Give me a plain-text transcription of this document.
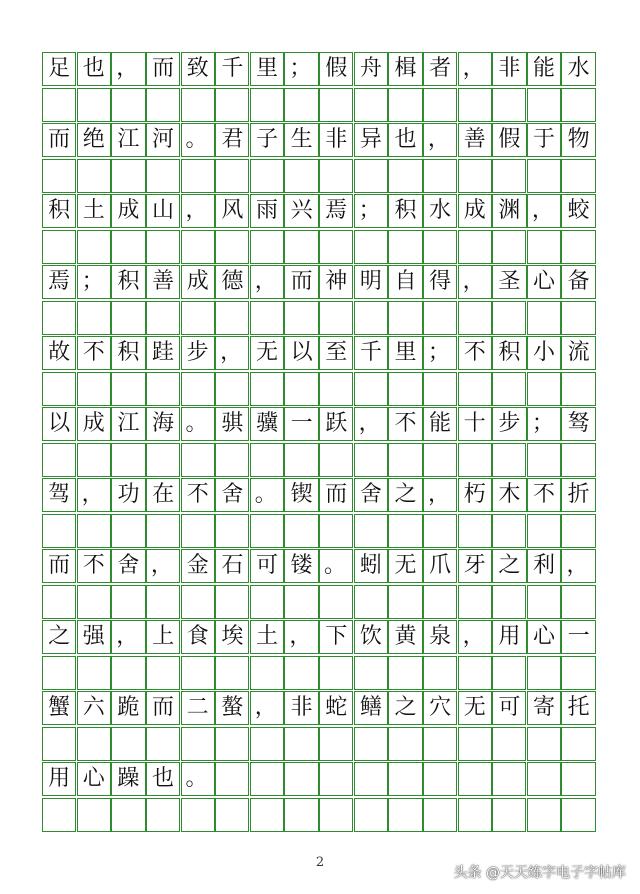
足 也 ， 而 致 千 里 ； 假 舟 楫 者 ， 非 能 水
而 绝 江 河 。 君 子 生 非 异 也 ， 善 假 于 物
积 土 成 山 ， 风 雨 兴 焉 ； 积 水 成 渊 ， 蛟
焉 ； 积 善 成 德 ， 而 神 明 自 得 ， 圣 心 备
故 不 积 跬 步 ， 无 以 至 千 里 ； 不 积 小 流
以 成 江 海 。 骐 骥 一 跃 ， 不 能 十 步 ； 驽
驾 ， 功 在 不 舍 。 锲 而 舍 之 ， 朽 木 不 折
而 不 舍 ， 金 石 可 镂 。 蚓 无 爪 牙 之 利 ，
之 强 ， 上 食 埃 土 ， 下 饮 黄 泉 ， 用 心 一
蟹 六 跪 而 二 螯 ， 非 蛇 鳝 之 穴 无 可 寄 托
用 心 躁 也 。
2
头条 @天天练字电子字帖库
